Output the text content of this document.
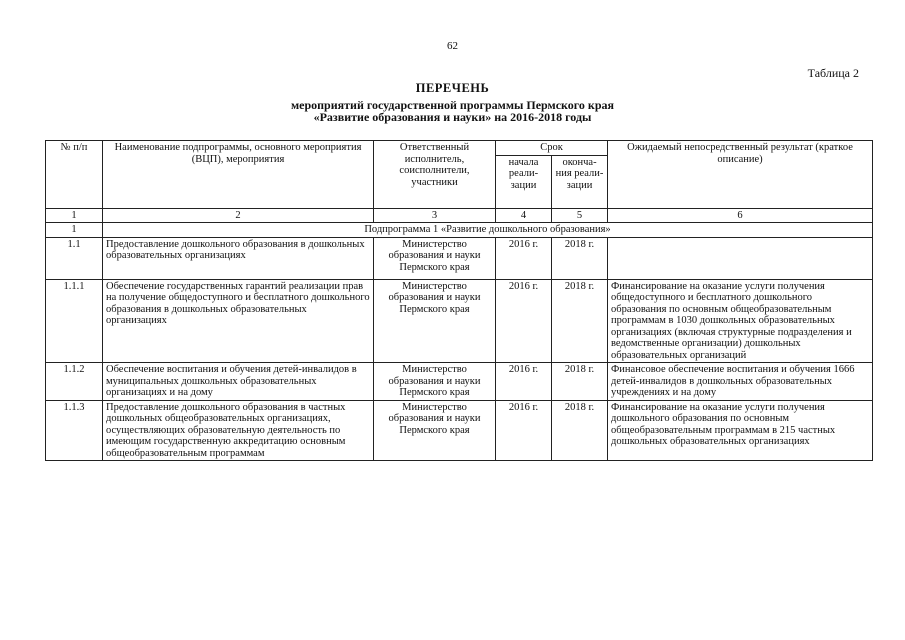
62
Таблица 2
ПЕРЕЧЕНЬ
мероприятий государственной программы Пермского края
«Развитие образования и науки» на 2016-2018 годы
№ п/п	Наименование подпрограммы, основного мероприятия (ВЦП), мероприятия	Ответственный исполнитель, соисполнители, участники	Срок		Ожидаемый непосредственный результат (краткое описание)
			начала реали-зации	оконча-ния реали-зации	
1	2	3	4	5	6
1	Подпрограмма 1 «Развитие дошкольного образования»				
1.1	Предоставление дошкольного образования в дошкольных образовательных организациях	Министерство образования и науки Пермского края	2016 г.	2018 г.	
1.1.1	Обеспечение государственных гарантий реализации прав на получение общедоступного и бесплатного дошкольного образования в дошкольных образовательных организациях	Министерство образования и науки Пермского края	2016 г.	2018 г.	Финансирование на оказание услуги получения общедоступного и бесплатного дошкольного образования по основным общеобразовательным программам в 1030 дошкольных образовательных организациях (включая структурные подразделения и ведомственные организации) дошкольных образовательных организаций
1.1.2	Обеспечение воспитания и обучения детей-инвалидов в муниципальных дошкольных образовательных организациях и на дому	Министерство образования и науки Пермского края	2016 г.	2018 г.	Финансовое обеспечение воспитания и обучения 1666 детей-инвалидов в дошкольных образовательных учреждениях и на дому
1.1.3	Предоставление дошкольного образования в частных дошкольных общеобразовательных организациях, осуществляющих образовательную деятельность по имеющим государственную аккредитацию основным общеобразовательным программам	Министерство образования и науки Пермского края	2016 г.	2018 г.	Финансирование на оказание услуги получения дошкольного образования по основным общеобразовательным программам в 215 частных дошкольных образовательных организациях
